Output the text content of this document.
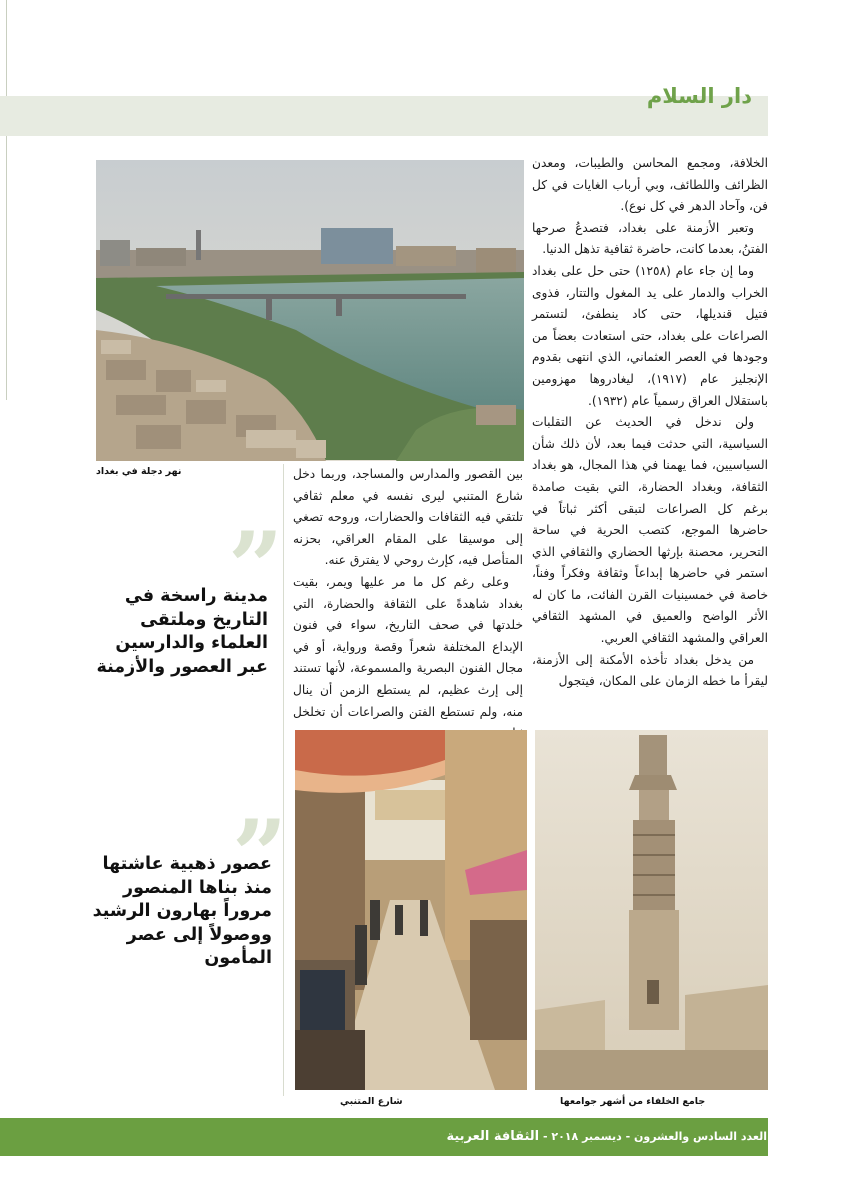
دار السلام
نهر دجلة في بغداد

الخلافة، ومجمع المحاسن والطيبات، ومعدن الظرائف واللطائف، وبي أرباب الغايات في كل فن، وآحاد الدهر في كل نوع).

وتعبر الأزمنة على بغداد، فتصدعُ صرحها الفتنُ، بعدما كانت، حاضرة ثقافية تذهل الدنيا.

وما إن جاء عام (١٢٥٨) حتى حل على بغداد الخراب والدمار على يد المغول والتتار، فذوى فتيل قنديلها، حتى كاد ينطفئ، لتستمر الصراعات على بغداد، حتى استعادت بعضاً من وجودها في العصر العثماني، الذي انتهى بقدوم الإنجليز عام (١٩١٧)، ليغادروها مهزومين باستقلال العراق رسمياً عام (١٩٣٢).

ولن ندخل في الحديث عن التقلبات السياسية، التي حدثت فيما بعد، لأن ذلك شأن السياسيين، فما يهمنا في هذا المجال، هو بغداد الثقافة، وبغداد الحضارة، التي بقيت صامدة برغم كل الصراعات لتبقى أكثر ثباتاً في حاضرها الموجع، كتصب الحرية في ساحة التحرير، محصنة بإرثها الحضاري والثقافي الذي استمر في حاضرها إبداعاً وثقافة وفكراً وفناً، خاصة في خمسينيات القرن الفائت، ما كان له الأثر الواضح والعميق في المشهد الثقافي العراقي والمشهد الثقافي العربي.

من يدخل بغداد تأخذه الأمكنة إلى الأزمنة، ليقرأ ما خطه الزمان على المكان، فيتجول

بين القصور والمدارس والمساجد، وربما دخل شارع المتنبي ليرى نفسه في معلم ثقافي تلتقي فيه الثقافات والحضارات، وروحه تصغي إلى موسيقا على المقام العراقي، بحزنه المتأصل فيه، كإرث روحي لا يفترق عنه.

وعلى رغم كل ما مر عليها ويمر، بقيت بغداد شاهدةً على الثقافة والحضارة، التي خلدتها في صحف التاريخ، سواء في فنون الإبداع المختلفة شعراً وقصة ورواية، أو في مجال الفنون البصرية والمسموعة، لأنها تستند إلى إرث عظيم، لم يستطع الزمن أن ينال منه، ولم تستطع الفتن والصراعات أن تخلخل

”
مدينة راسخة في التاريخ وملتقى العلماء والدارسين عبر العصور والأزمنة
”
عصور ذهبية عاشتها منذ بناها المنصور مروراً بهارون الرشيد ووصولاً إلى عصر المأمون
شارع المتنبي	جامع الخلفاء من أشهر جوامعها
العدد السادس والعشرون - ديسمبر ٢٠١٨ - الثقافة العربية	٤٦
